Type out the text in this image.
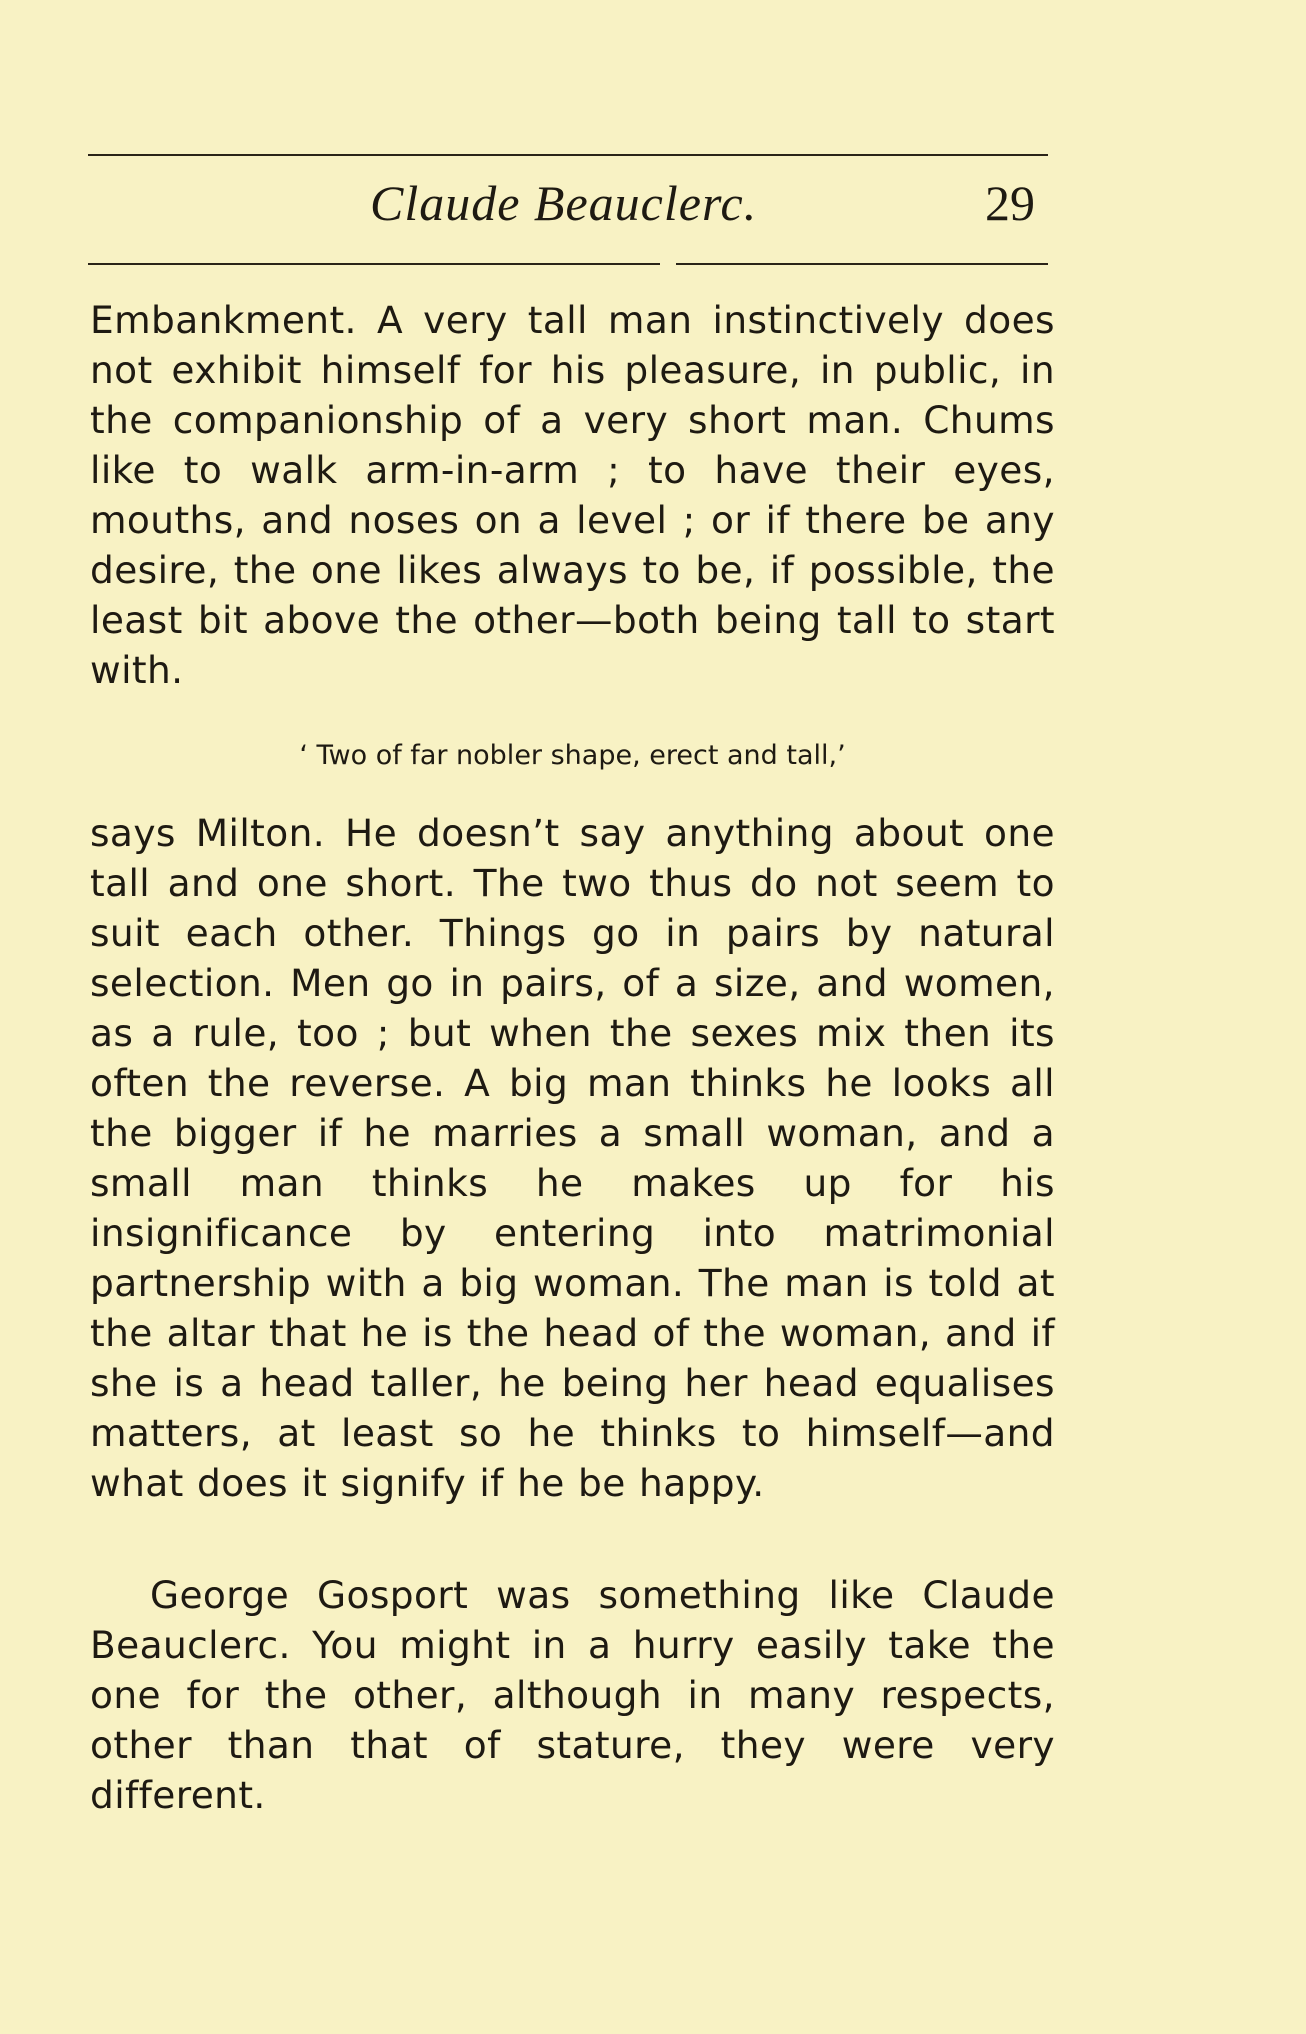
Claude Beauclerc.	29

Embankment. A very tall man instinctively does not exhibit himself for his pleasure, in public, in the companionship of a very short man. Chums like to walk arm-in-arm ; to have their eyes, mouths, and noses on a level ; or if there be any desire, the one likes always to be, if possible, the least bit above the other—both being tall to start with.

‘ Two of far nobler shape, erect and tall,’

says Milton. He doesn’t say anything about one tall and one short. The two thus do not seem to suit each other. Things go in pairs by natural selection. Men go in pairs, of a size, and women, as a rule, too ; but when the sexes mix then its often the reverse. A big man thinks he looks all the bigger if he marries a small woman, and a small man thinks he makes up for his insignificance by entering into matrimonial partnership with a big woman. The man is told at the altar that he is the head of the woman, and if she is a head taller, he being her head equalises matters, at least so he thinks to himself—and what does it signify if he be happy.

George Gosport was something like Claude Beauclerc. You might in a hurry easily take the one for the other, although in many respects, other than that of stature, they were very different.
